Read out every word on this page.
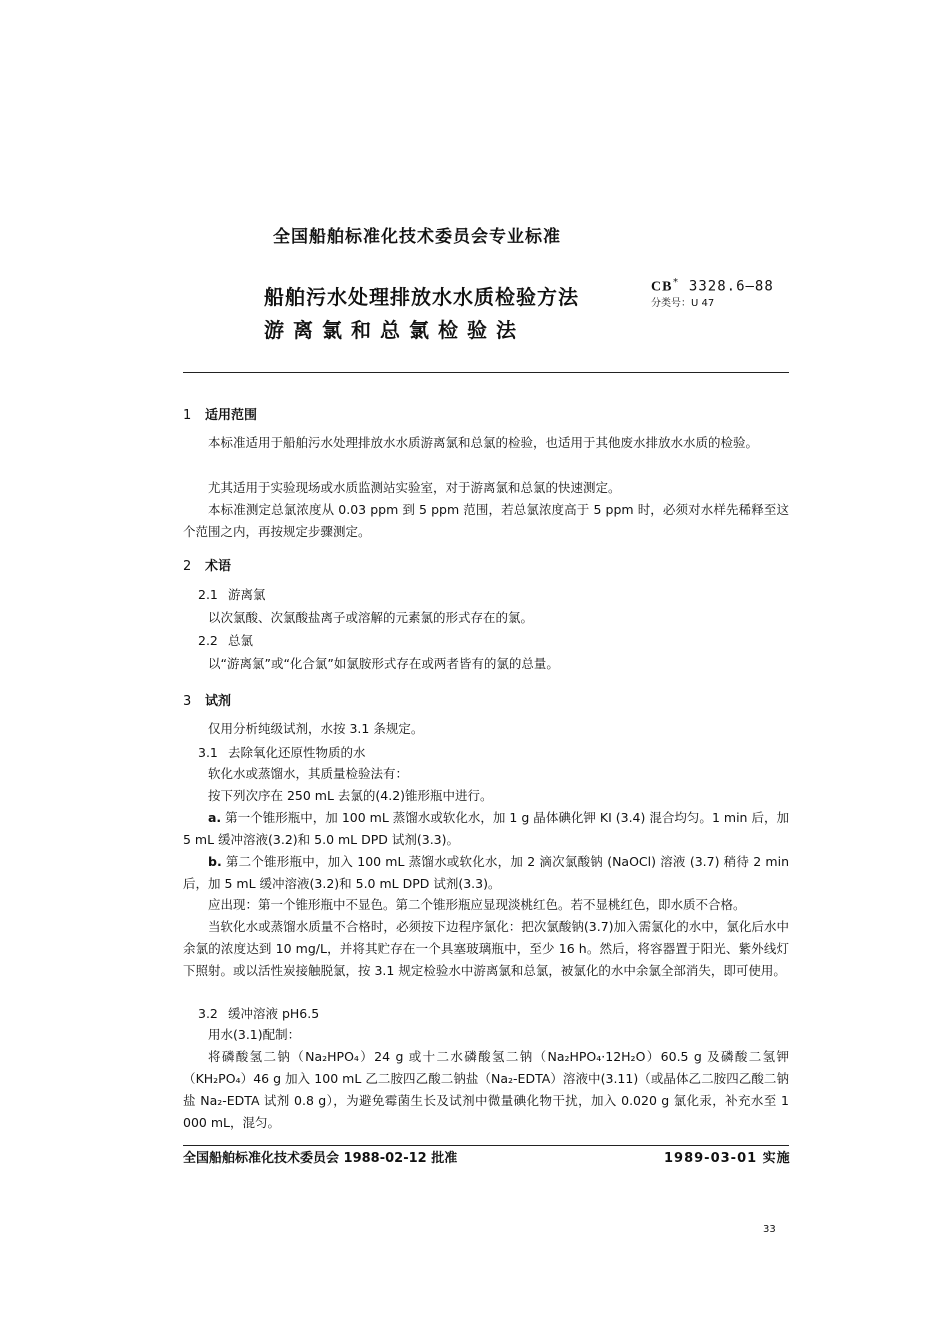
全国船舶标准化技术委员会专业标准
船舶污水处理排放水水质检验方法
游离氯和总氯检验法
CB* 3328.6—88
分类号：U 47
1 适用范围
本标准适用于船舶污水处理排放水水质游离氯和总氯的检验，也适用于其他废水排放水水质的检验。
尤其适用于实验现场或水质监测站实验室，对于游离氯和总氯的快速测定。
本标准测定总氯浓度从 0.03 ppm 到 5 ppm 范围，若总氯浓度高于 5 ppm 时，必须对水样先稀释至这个范围之内，再按规定步骤测定。
2 术语
2.1 游离氯
以次氯酸、次氯酸盐离子或溶解的元素氯的形式存在的氯。
2.2 总氯
以“游离氯”或“化合氯”如氯胺形式存在或两者皆有的氯的总量。
3 试剂
仅用分析纯级试剂，水按 3.1 条规定。
3.1 去除氧化还原性物质的水
软化水或蒸馏水，其质量检验法有：
按下列次序在 250 mL 去氯的(4.2)锥形瓶中进行。
a. 第一个锥形瓶中，加 100 mL 蒸馏水或软化水，加 1 g 晶体碘化钾 KI (3.4) 混合均匀。1 min 后，加 5 mL 缓冲溶液(3.2)和 5.0 mL DPD 试剂(3.3)。
b. 第二个锥形瓶中，加入 100 mL 蒸馏水或软化水，加 2 滴次氯酸钠 (NaOCl) 溶液 (3.7) 稍待 2 min 后，加 5 mL 缓冲溶液(3.2)和 5.0 mL DPD 试剂(3.3)。
应出现：第一个锥形瓶中不显色。第二个锥形瓶应显现淡桃红色。若不显桃红色，即水质不合格。
当软化水或蒸馏水质量不合格时，必须按下边程序氯化：把次氯酸钠(3.7)加入需氯化的水中，氯化后水中余氯的浓度达到 10 mg/L，并将其贮存在一个具塞玻璃瓶中，至少 16 h。然后，将容器置于阳光、紫外线灯下照射。或以活性炭接触脱氯，按 3.1 规定检验水中游离氯和总氯，被氯化的水中余氯全部消失，即可使用。
3.2 缓冲溶液 pH6.5
用水(3.1)配制：
将磷酸氢二钠（Na₂HPO₄）24 g 或十二水磷酸氢二钠（Na₂HPO₄·12H₂O）60.5 g 及磷酸二氢钾（KH₂PO₄）46 g 加入 100 mL 乙二胺四乙酸二钠盐（Na₂-EDTA）溶液中(3.11)（或晶体乙二胺四乙酸二钠盐 Na₂-EDTA 试剂 0.8 g），为避免霉菌生长及试剂中微量碘化物干扰，加入 0.020 g 氯化汞，补充水至 1 000 mL，混匀。
全国船舶标准化技术委员会 1988-02-12 批准	1989-03-01 实施
33
